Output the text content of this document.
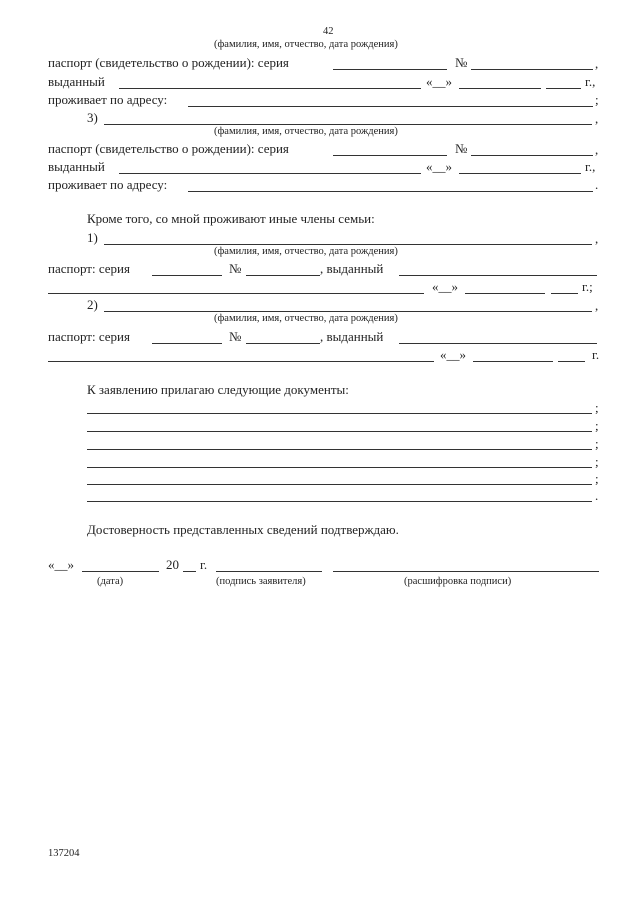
42
(фамилия, имя, отчество, дата рождения)
паспорт (свидетельство о рождении): серия	№	,
выданный	«__»	г.,
проживает по адресу:	;
3)	,
(фамилия, имя, отчество, дата рождения)
паспорт (свидетельство о рождении): серия	№	,
выданный	«__»	г.,
проживает по адресу:	.
Кроме того, со мной проживают иные члены семьи:
1)	,
(фамилия, имя, отчество, дата рождения)
паспорт: серия	№	, выданный
«__»	г.;
2)	,
(фамилия, имя, отчество, дата рождения)
паспорт: серия	№	, выданный
«__»	г.
К заявлению прилагаю следующие документы:
;
;
;
;
;
.
Достоверность представленных сведений подтверждаю.
«__»	20 г.
(дата)	(подпись заявителя)	(расшифровка подписи)
137204
